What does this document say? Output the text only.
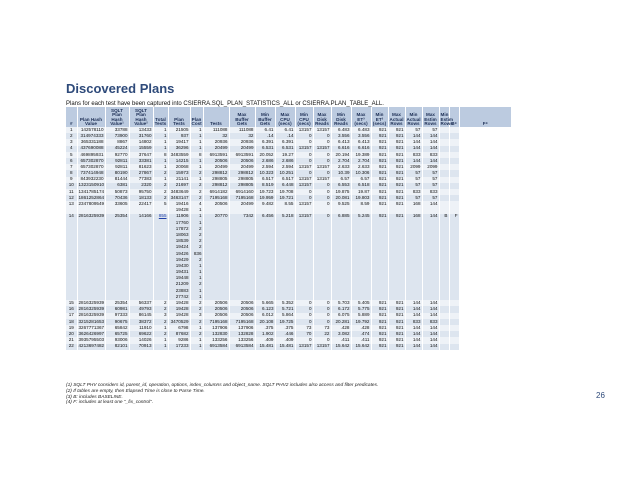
Discovered Plans
Plans for each test have been captured into CSIERRA.SQL_PLAN_STATISTICS_ALL or CSIERRA.PLAN_TABLE_ALL.
#	Plan Hash Value	SQLT Plan Hash Value¹	SQLT Plan Hash Value²	Total Tests	Plan Tests	Plan Cost	Tests	Max Buffer Gets	Min Buffer Gets	Max CPU (secs)	Min CPU (secs)	Max Disk Reads	Min Disk Reads	Max ET³ (secs)	Min ET³ (secs)	Max Actual Rows	Min Actual Rows	Max Estim Rows	Min Estim Rows	B⁴	F⁴
1	142578110	33788	13433	1	21505	1	111088	111088	6.41	6.41	13157	13157	6.483	6.483	921	921	57	57			
2	314974333	73900	31760	1	937	1	32	32	.14	.14	0	0	3.556	3.556	921	921	144	144			
3	365331188	8867	14802	1	19417	1	20936	20936	6.391	6.391	0	0	6.413	6.413	921	921	144	144			
4	437690088	45224	15559	1	36296	1	20499	20499	6.531	6.531	13157	13157	6.616	6.616	921	921	144	144			
5	469895931	92770	37647	8	3483559	8	6913591	6913591	20.052	19.27	0	0	20.194	19.389	921	921	833	833			
6	657302870	92811	33381	1	14215	1	20506	20506	2.686	2.686	0	0	2.704	2.704	921	921	144	144			
7	657302870	92811	81623	1	20068	1	20499	20499	2.594	2.594	13157	13157	2.633	2.633	921	921	2099	2099			
8	737414948	80190	27867	2	15973	2	298812	298812	10.323	10.251	0	0	10.39	10.306	921	921	57	57			
9	843932230	81444	77383	1	21141	1	298805	298805	6.517	6.517	13157	13157	6.57	6.57	921	921	57	57			
10	1323150910	6381	2320	2	21697	2	298812	298805	8.519	6.448	13157	0	6.553	6.518	921	921	57	57			
11	1341785174	50873	95750	2	3483649	2	6914182	6914160	19.723	19.708	0	0	19.875	19.87	921	921	833	833			
12	1861252864	70436	18133	2	3463147	2	7195168	7195168	19.959	19.721	0	0	20.081	19.803	921	921	57	57			
13	2347809549	33605	22417	5	19416	4	20506	20499	9.482	8.55	13157	0	9.525	8.59	921	921	168	144			
					19428	1															
14	2816325939	25354	14166	855	11906	1	20770	7342	6.456	5.218	13157	0	6.885	5.245	921	921	168	144	B	F	
					17760	1															
					17872	2															
					18063	2															
					18539	2															
					19424	2															
					19426	836															
					19429	2															
					19430	1															
					19431	1															
					19448	1															
					21209	2															
					23883	1															
					27742	1															
15	2816325939	25354	56337	2	19428	2	20506	20506	5.665	5.352	0	0	5.703	5.405	921	921	144	144			
16	2816325939	60981	49793	2	19428	2	20506	20506	6.123	5.721	0	0	6.172	5.775	921	921	144	144			
17	2816325939	97333	86145	3	19428	3	20506	20506	6.012	5.864	0	0	6.075	5.889	921	921	144	144			
18	3215281653	90675	38372	2	3470529	2	7195168	7195168	20.108	19.725	0	0	20.281	19.792	921	921	833	833			
19	3267771367	65842	11910	1	6798	1	137906	137906	.375	.375	73	73	.428	.428	921	921	144	144			
20	3626426997	65725	69622	2	87682	2	132830	132828	1.902	.446	70	22	3.082	.474	921	921	144	144			
21	3935795503	93006	14026	1	9286	1	133256	133256	.409	.409	0	0	.411	.411	921	921	144	144			
22	4213697482	82101	70913	1	17233	1	6913584	6913584	15.481	15.481	13157	13157	15.642	15.642	921	921	144	144			
(1) SQLT PHV considers id, parent_id, operation, options, index_columns and object_name. SQLT PHV2 includes also access and filter predicates.
(2) If tables are empty, then Elapsed Time is close to Parse Time.
(3) B: includes BASELINE.
(4) F: includes at least one "_fix_control".
26
